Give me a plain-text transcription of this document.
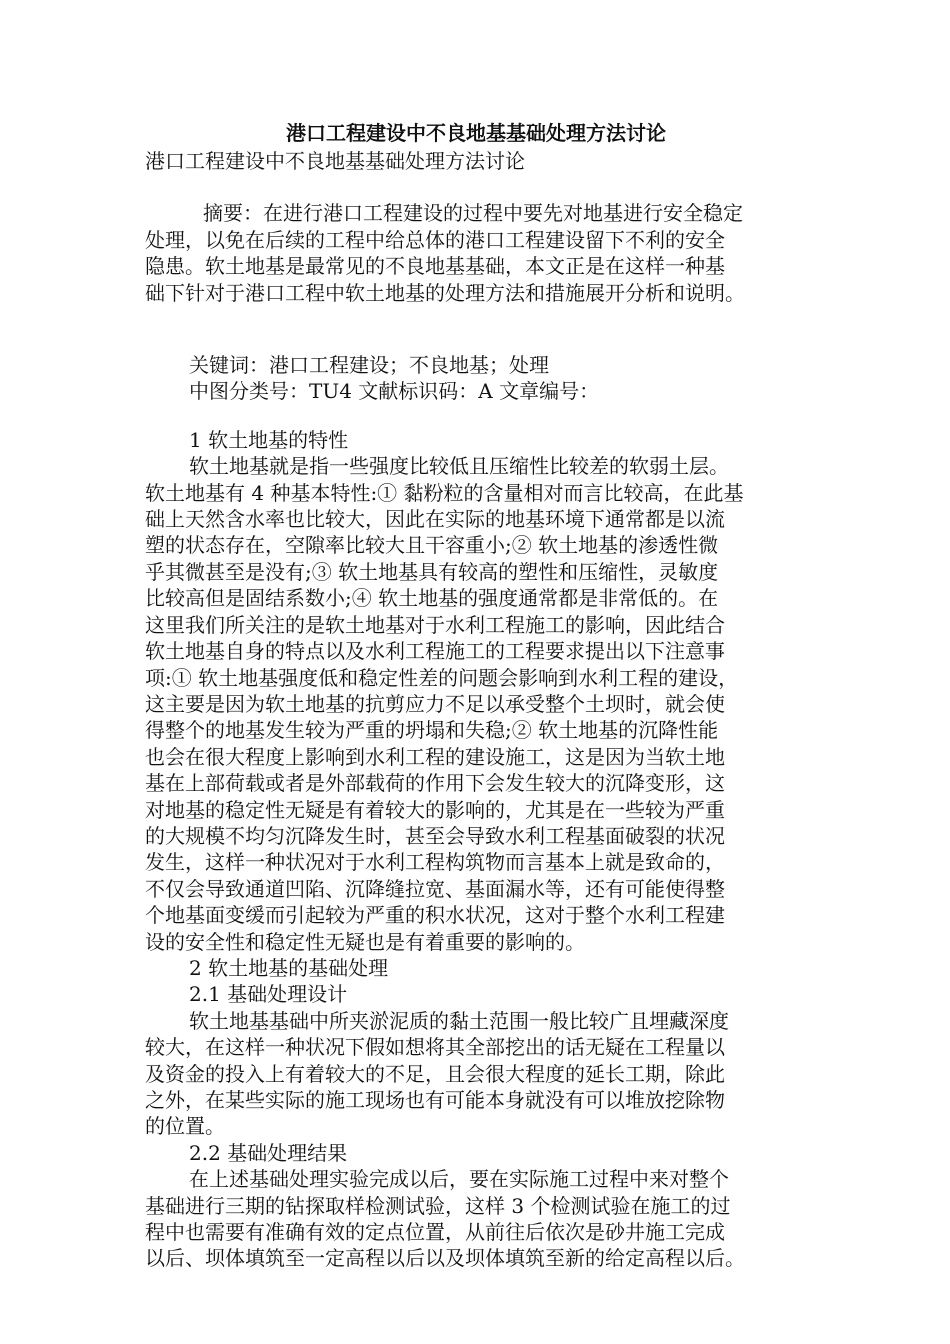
港口工程建设中不良地基基础处理方法讨论
港口工程建设中不良地基基础处理方法讨论
摘要：在进行港口工程建设的过程中要先对地基进行安全稳定
处理，以免在后续的工程中给总体的港口工程建设留下不利的安全
隐患。软土地基是最常见的不良地基基础，本文正是在这样一种基
础下针对于港口工程中软土地基的处理方法和措施展开分析和说明。
关键词：港口工程建设；不良地基；处理
中图分类号：TU4 文献标识码：A 文章编号：
1 软土地基的特性
软土地基就是指一些强度比较低且压缩性比较差的软弱土层。
软土地基有 4 种基本特性:① 黏粉粒的含量相对而言比较高，在此基
础上天然含水率也比较大，因此在实际的地基环境下通常都是以流
塑的状态存在，空隙率比较大且干容重小;② 软土地基的渗透性微
乎其微甚至是没有;③ 软土地基具有较高的塑性和压缩性，灵敏度
比较高但是固结系数小;④ 软土地基的强度通常都是非常低的。在
这里我们所关注的是软土地基对于水利工程施工的影响，因此结合
软土地基自身的特点以及水利工程施工的工程要求提出以下注意事
项:① 软土地基强度低和稳定性差的问题会影响到水利工程的建设，
这主要是因为软土地基的抗剪应力不足以承受整个土坝时，就会使
得整个的地基发生较为严重的坍塌和失稳;② 软土地基的沉降性能
也会在很大程度上影响到水利工程的建设施工，这是因为当软土地
基在上部荷载或者是外部载荷的作用下会发生较大的沉降变形，这
对地基的稳定性无疑是有着较大的影响的，尤其是在一些较为严重
的大规模不均匀沉降发生时，甚至会导致水利工程基面破裂的状况
发生，这样一种状况对于水利工程构筑物而言基本上就是致命的，
不仅会导致通道凹陷、沉降缝拉宽、基面漏水等，还有可能使得整
个地基面变缓而引起较为严重的积水状况，这对于整个水利工程建
设的安全性和稳定性无疑也是有着重要的影响的。
2 软土地基的基础处理
2.1 基础处理设计
软土地基基础中所夹淤泥质的黏土范围一般比较广且埋藏深度
较大，在这样一种状况下假如想将其全部挖出的话无疑在工程量以
及资金的投入上有着较大的不足，且会很大程度的延长工期，除此
之外，在某些实际的施工现场也有可能本身就没有可以堆放挖除物
的位置。
2.2 基础处理结果
在上述基础处理实验完成以后，要在实际施工过程中来对整个
基础进行三期的钻探取样检测试验，这样 3 个检测试验在施工的过
程中也需要有准确有效的定点位置，从前往后依次是砂井施工完成
以后、坝体填筑至一定高程以后以及坝体填筑至新的给定高程以后。
